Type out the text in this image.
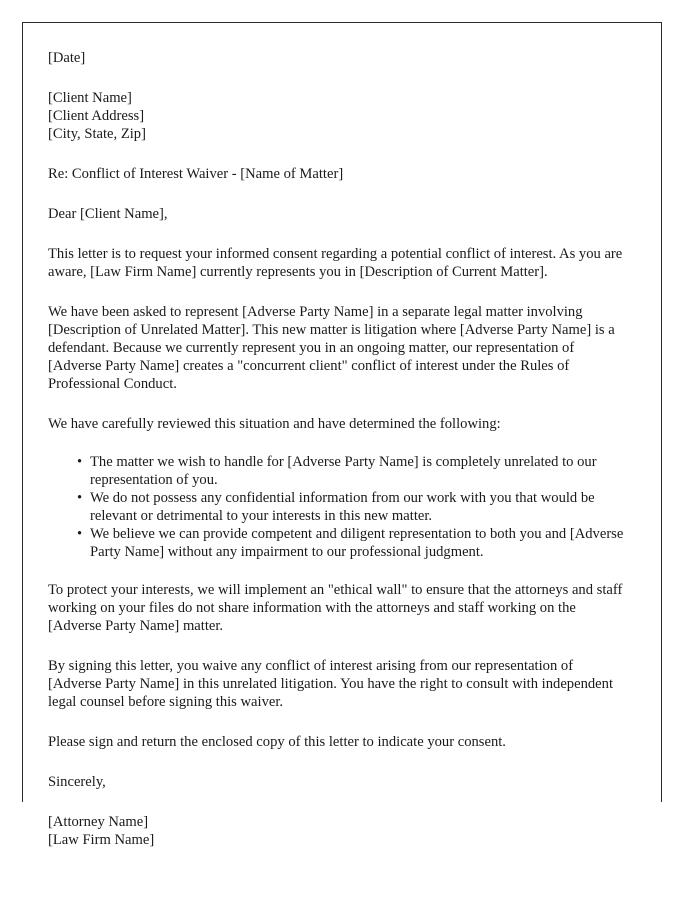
[Date]

[Client Name]
[Client Address]
[City, State, Zip]

Re: Conflict of Interest Waiver - [Name of Matter]

Dear [Client Name],

This letter is to request your informed consent regarding a potential conflict of interest. As you are aware, [Law Firm Name] currently represents you in [Description of Current Matter].

We have been asked to represent [Adverse Party Name] in a separate legal matter involving [Description of Unrelated Matter]. This new matter is litigation where [Adverse Party Name] is a defendant. Because we currently represent you in an ongoing matter, our representation of [Adverse Party Name] creates a "concurrent client" conflict of interest under the Rules of Professional Conduct.

We have carefully reviewed this situation and have determined the following:

• The matter we wish to handle for [Adverse Party Name] is completely unrelated to our representation of you.
• We do not possess any confidential information from our work with you that would be relevant or detrimental to your interests in this new matter.
• We believe we can provide competent and diligent representation to both you and [Adverse Party Name] without any impairment to our professional judgment.

To protect your interests, we will implement an "ethical wall" to ensure that the attorneys and staff working on your files do not share information with the attorneys and staff working on the [Adverse Party Name] matter.

By signing this letter, you waive any conflict of interest arising from our representation of [Adverse Party Name] in this unrelated litigation. You have the right to consult with independent legal counsel before signing this waiver.

Please sign and return the enclosed copy of this letter to indicate your consent.

Sincerely,

[Attorney Name]
[Law Firm Name]
